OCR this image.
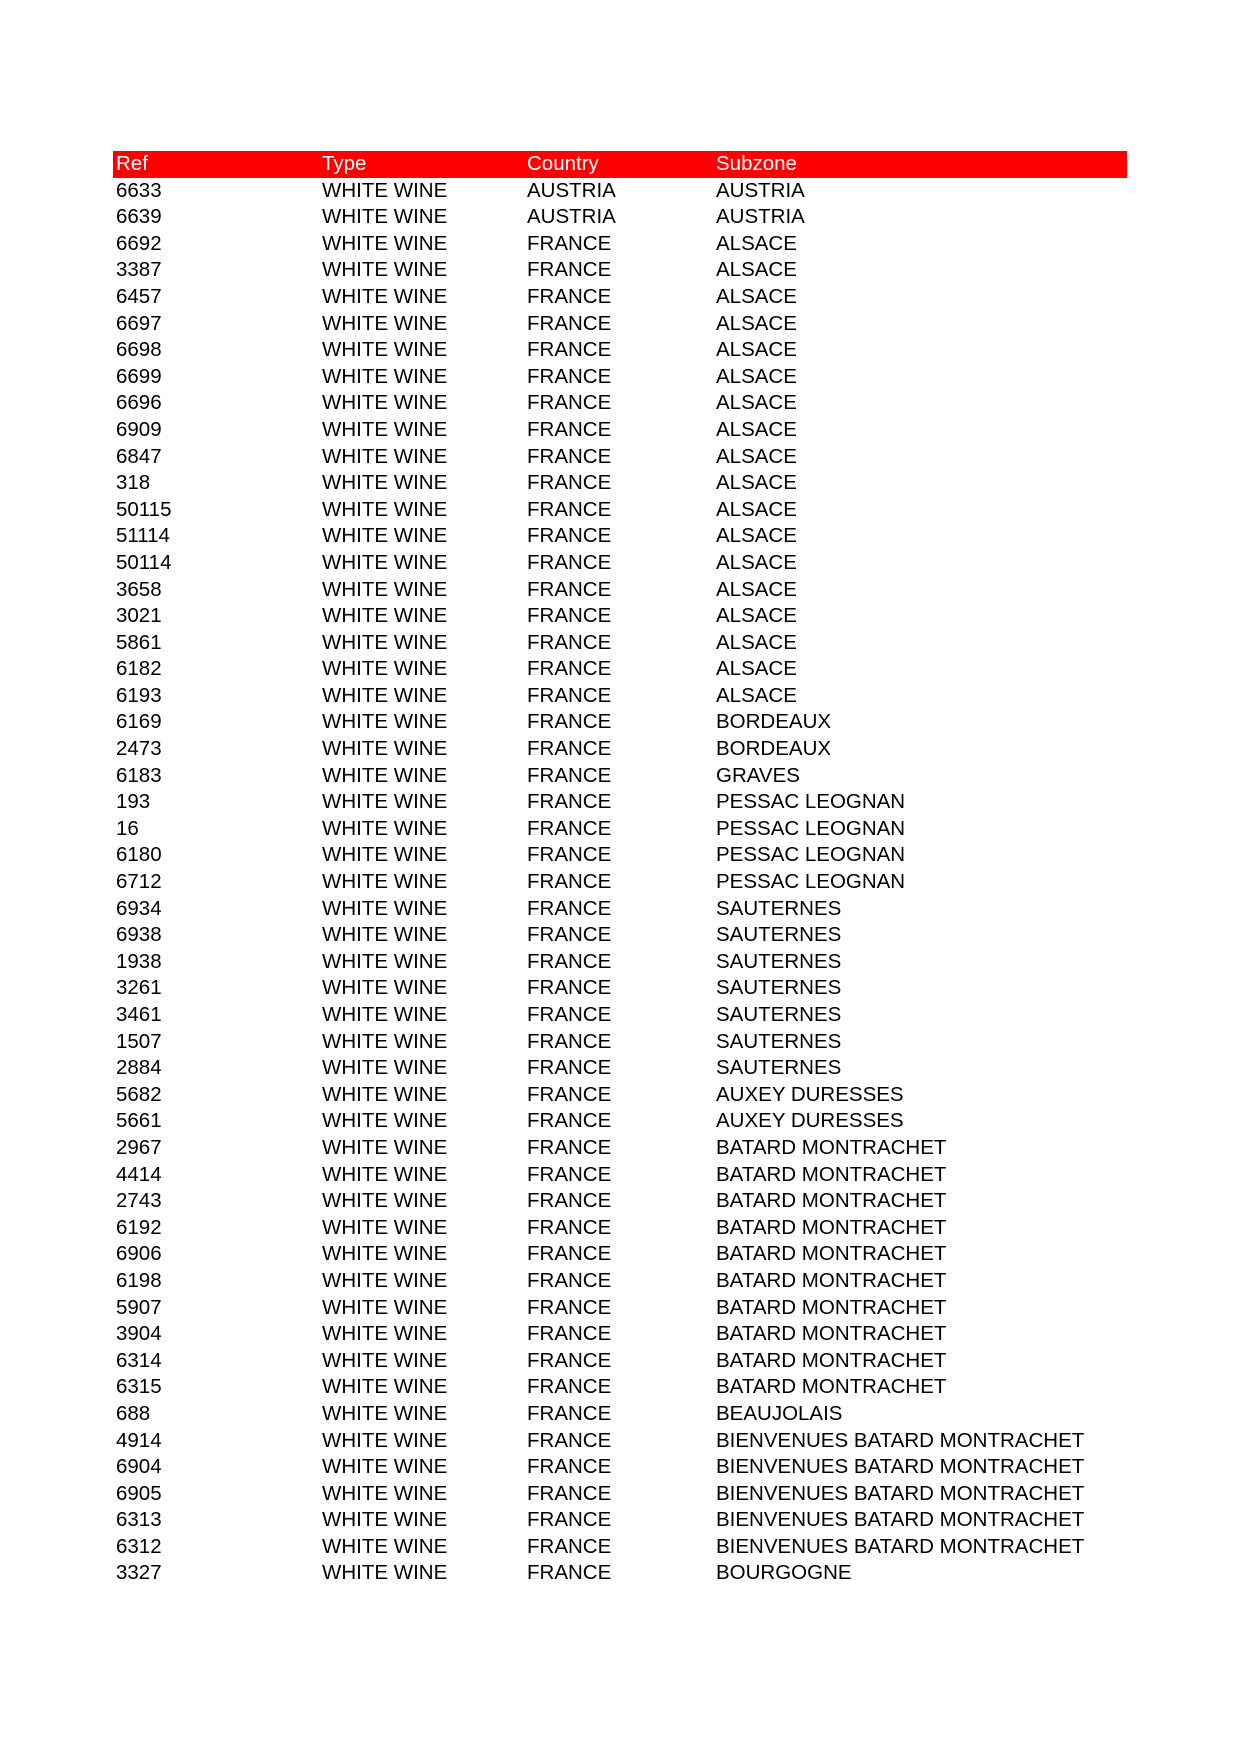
Ref	Type	Country	Subzone
6633	WHITE WINE	AUSTRIA	AUSTRIA
6639	WHITE WINE	AUSTRIA	AUSTRIA
6692	WHITE WINE	FRANCE	ALSACE
3387	WHITE WINE	FRANCE	ALSACE
6457	WHITE WINE	FRANCE	ALSACE
6697	WHITE WINE	FRANCE	ALSACE
6698	WHITE WINE	FRANCE	ALSACE
6699	WHITE WINE	FRANCE	ALSACE
6696	WHITE WINE	FRANCE	ALSACE
6909	WHITE WINE	FRANCE	ALSACE
6847	WHITE WINE	FRANCE	ALSACE
318	WHITE WINE	FRANCE	ALSACE
50115	WHITE WINE	FRANCE	ALSACE
51114	WHITE WINE	FRANCE	ALSACE
50114	WHITE WINE	FRANCE	ALSACE
3658	WHITE WINE	FRANCE	ALSACE
3021	WHITE WINE	FRANCE	ALSACE
5861	WHITE WINE	FRANCE	ALSACE
6182	WHITE WINE	FRANCE	ALSACE
6193	WHITE WINE	FRANCE	ALSACE
6169	WHITE WINE	FRANCE	BORDEAUX
2473	WHITE WINE	FRANCE	BORDEAUX
6183	WHITE WINE	FRANCE	GRAVES
193	WHITE WINE	FRANCE	PESSAC LEOGNAN
16	WHITE WINE	FRANCE	PESSAC LEOGNAN
6180	WHITE WINE	FRANCE	PESSAC LEOGNAN
6712	WHITE WINE	FRANCE	PESSAC LEOGNAN
6934	WHITE WINE	FRANCE	SAUTERNES
6938	WHITE WINE	FRANCE	SAUTERNES
1938	WHITE WINE	FRANCE	SAUTERNES
3261	WHITE WINE	FRANCE	SAUTERNES
3461	WHITE WINE	FRANCE	SAUTERNES
1507	WHITE WINE	FRANCE	SAUTERNES
2884	WHITE WINE	FRANCE	SAUTERNES
5682	WHITE WINE	FRANCE	AUXEY DURESSES
5661	WHITE WINE	FRANCE	AUXEY DURESSES
2967	WHITE WINE	FRANCE	BATARD MONTRACHET
4414	WHITE WINE	FRANCE	BATARD MONTRACHET
2743	WHITE WINE	FRANCE	BATARD MONTRACHET
6192	WHITE WINE	FRANCE	BATARD MONTRACHET
6906	WHITE WINE	FRANCE	BATARD MONTRACHET
6198	WHITE WINE	FRANCE	BATARD MONTRACHET
5907	WHITE WINE	FRANCE	BATARD MONTRACHET
3904	WHITE WINE	FRANCE	BATARD MONTRACHET
6314	WHITE WINE	FRANCE	BATARD MONTRACHET
6315	WHITE WINE	FRANCE	BATARD MONTRACHET
688	WHITE WINE	FRANCE	BEAUJOLAIS
4914	WHITE WINE	FRANCE	BIENVENUES BATARD MONTRACHET
6904	WHITE WINE	FRANCE	BIENVENUES BATARD MONTRACHET
6905	WHITE WINE	FRANCE	BIENVENUES BATARD MONTRACHET
6313	WHITE WINE	FRANCE	BIENVENUES BATARD MONTRACHET
6312	WHITE WINE	FRANCE	BIENVENUES BATARD MONTRACHET
3327	WHITE WINE	FRANCE	BOURGOGNE
